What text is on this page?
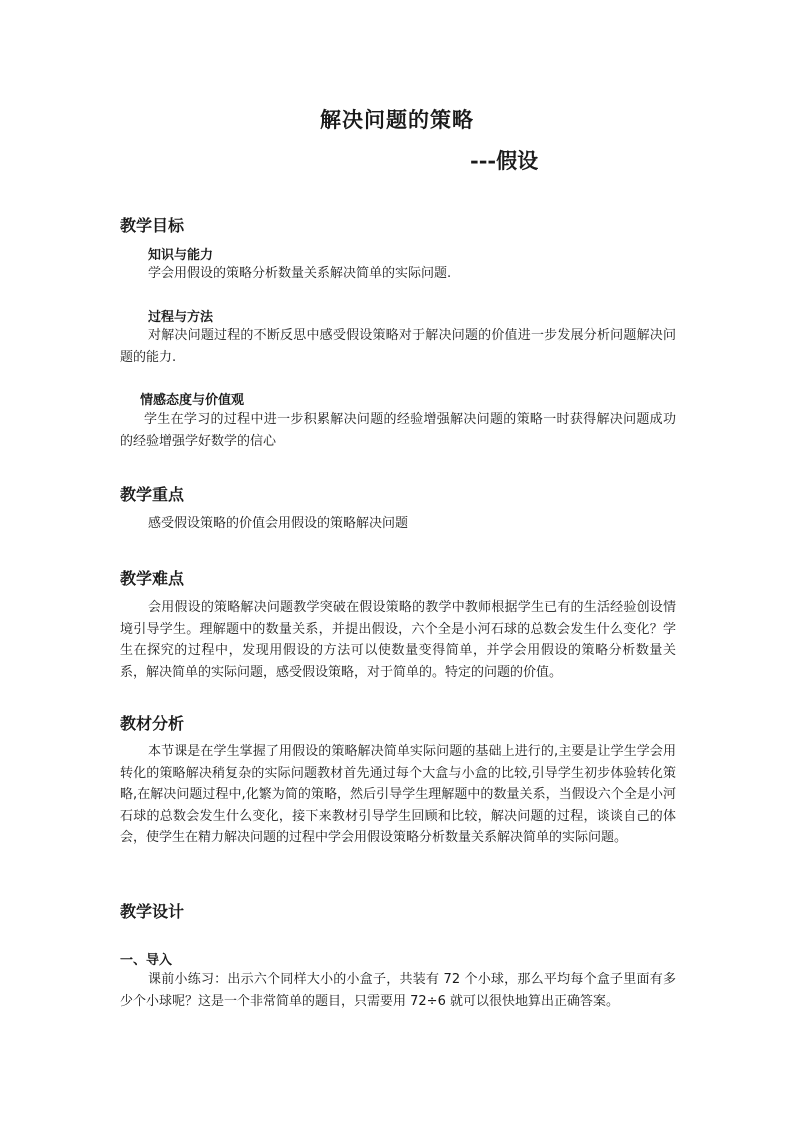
解决问题的策略
---假设
教学目标
知识与能力

学会用假设的策略分析数量关系解决简单的实际问题.

过程与方法

对解决问题过程的不断反思中感受假设策略对于解决问题的价值进一步发展分析问题解决问题的能力.

情感态度与价值观

学生在学习的过程中进一步积累解决问题的经验增强解决问题的策略一时获得解决问题成功的经验增强学好数学的信心

教学重点

感受假设策略的价值会用假设的策略解决问题

教学难点

会用假设的策略解决问题教学突破在假设策略的教学中教师根据学生已有的生活经验创设情境引导学生。理解题中的数量关系，并提出假设，六个全是小河石球的总数会发生什么变化？学生在探究的过程中，发现用假设的方法可以使数量变得简单，并学会用假设的策略分析数量关系，解决简单的实际问题，感受假设策略，对于简单的。特定的问题的价值。

教材分析

本节课是在学生掌握了用假设的策略解决简单实际问题的基础上进行的,主要是让学生学会用转化的策略解决稍复杂的实际问题教材首先通过每个大盒与小盒的比较,引导学生初步体验转化策略,在解决问题过程中,化繁为简的策略，然后引导学生理解题中的数量关系，当假设六个全是小河石球的总数会发生什么变化，接下来教材引导学生回顾和比较，解决问题的过程，谈谈自己的体会，使学生在精力解决问题的过程中学会用假设策略分析数量关系解决简单的实际问题。

教学设计
一、导入

课前小练习：出示六个同样大小的小盒子，共装有 72 个小球，那么平均每个盒子里面有多少个小球呢？这是一个非常简单的题目，只需要用 72÷6 就可以很快地算出正确答案。
